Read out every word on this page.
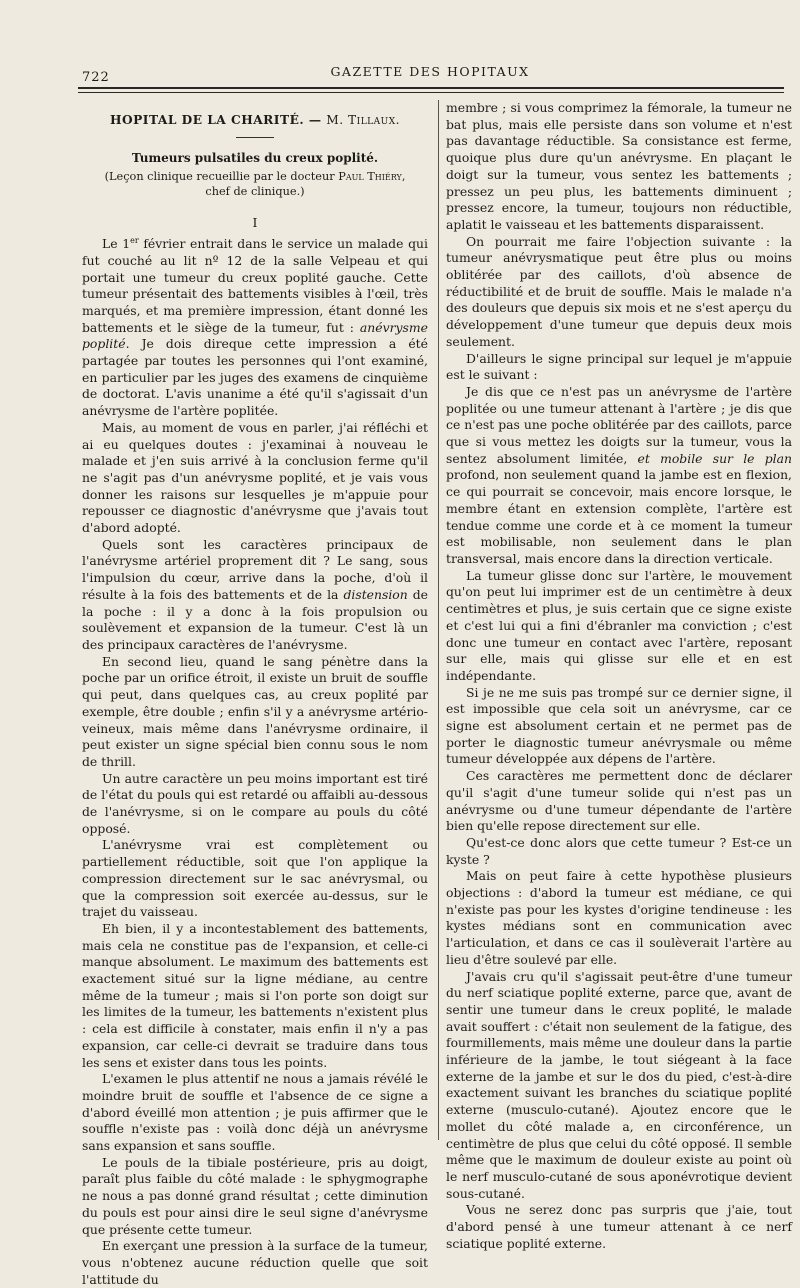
722	GAZETTE DES HOPITAUX
HOPITAL DE LA CHARITÉ. — M. Tillaux.
Tumeurs pulsatiles du creux poplité.
(Leçon clinique recueillie par le docteur Paul Thiéry, chef de clinique.)
I

Le 1er février entrait dans le service un malade qui fut couché au lit nº 12 de la salle Velpeau et qui portait une tumeur du creux poplité gauche. Cette tumeur présentait des battements visibles à l'œil, très marqués, et ma première impression, étant donné les battements et le siège de la tumeur, fut : anévrysme poplité. Je dois direque cette impression a été partagée par toutes les personnes qui l'ont examiné, en particulier par les juges des examens de cinquième de doctorat. L'avis unanime a été qu'il s'agissait d'un anévrysme de l'artère poplitée.

Mais, au moment de vous en parler, j'ai réfléchi et ai eu quelques doutes : j'examinai à nouveau le malade et j'en suis arrivé à la conclusion ferme qu'il ne s'agit pas d'un anévrysme poplité, et je vais vous donner les raisons sur lesquelles je m'appuie pour repousser ce diagnostic d'anévrysme que j'avais tout d'abord adopté.

Quels sont les caractères principaux de l'anévrysme artériel proprement dit ? Le sang, sous l'impulsion du cœur, arrive dans la poche, d'où il résulte à la fois des battements et de la distension de la poche : il y a donc à la fois propulsion ou soulèvement et expansion de la tumeur. C'est là un des principaux caractères de l'anévrysme.

En second lieu, quand le sang pénètre dans la poche par un orifice étroit, il existe un bruit de souffle qui peut, dans quelques cas, au creux poplité par exemple, être double ; enfin s'il y a anévrysme artério-veineux, mais même dans l'anévrysme ordinaire, il peut exister un signe spécial bien connu sous le nom de thrill.

Un autre caractère un peu moins important est tiré de l'état du pouls qui est retardé ou affaibli au-dessous de l'anévrysme, si on le compare au pouls du côté opposé.

L'anévrysme vrai est complètement ou partiellement réductible, soit que l'on applique la compression directement sur le sac anévrysmal, ou que la compression soit exercée au-dessus, sur le trajet du vaisseau.

Eh bien, il y a incontestablement des battements, mais cela ne constitue pas de l'expansion, et celle-ci manque absolument. Le maximum des battements est exactement situé sur la ligne médiane, au centre même de la tumeur ; mais si l'on porte son doigt sur les limites de la tumeur, les battements n'existent plus : cela est difficile à constater, mais enfin il n'y a pas expansion, car celle-ci devrait se traduire dans tous les sens et exister dans tous les points.

L'examen le plus attentif ne nous a jamais révélé le moindre bruit de souffle et l'absence de ce signe a d'abord éveillé mon attention ; je puis affirmer que le souffle n'existe pas : voilà donc déjà un anévrysme sans expansion et sans souffle.

Le pouls de la tibiale postérieure, pris au doigt, paraît plus faible du côté malade : le sphygmographe ne nous a pas donné grand résultat ; cette diminution du pouls est pour ainsi dire le seul signe d'anévrysme que présente cette tumeur.

En exerçant une pression à la surface de la tumeur, vous n'obtenez aucune réduction quelle que soit l'attitude du

membre ; si vous comprimez la fémorale, la tumeur ne bat plus, mais elle persiste dans son volume et n'est pas davantage réductible. Sa consistance est ferme, quoique plus dure qu'un anévrysme. En plaçant le doigt sur la tumeur, vous sentez les battements ; pressez un peu plus, les battements diminuent ; pressez encore, la tumeur, toujours non réductible, aplatit le vaisseau et les battements disparaissent.

On pourrait me faire l'objection suivante : la tumeur anévrysmatique peut être plus ou moins oblitérée par des caillots, d'où absence de réductibilité et de bruit de souffle. Mais le malade n'a des douleurs que depuis six mois et ne s'est aperçu du développement d'une tumeur que depuis deux mois seulement.

D'ailleurs le signe principal sur lequel je m'appuie est le suivant :

Je dis que ce n'est pas un anévrysme de l'artère poplitée ou une tumeur attenant à l'artère ; je dis que ce n'est pas une poche oblitérée par des caillots, parce que si vous mettez les doigts sur la tumeur, vous la sentez absolument limitée, et mobile sur le plan profond, non seulement quand la jambe est en flexion, ce qui pourrait se concevoir, mais encore lorsque, le membre étant en extension complète, l'artère est tendue comme une corde et à ce moment la tumeur est mobilisable, non seulement dans le plan transversal, mais encore dans la direction verticale.

La tumeur glisse donc sur l'artère, le mouvement qu'on peut lui imprimer est de un centimètre à deux centimètres et plus, je suis certain que ce signe existe et c'est lui qui a fini d'ébranler ma conviction ; c'est donc une tumeur en contact avec l'artère, reposant sur elle, mais qui glisse sur elle et en est indépendante.

Si je ne me suis pas trompé sur ce dernier signe, il est impossible que cela soit un anévrysme, car ce signe est absolument certain et ne permet pas de porter le diagnostic tumeur anévrysmale ou même tumeur développée aux dépens de l'artère.

Ces caractères me permettent donc de déclarer qu'il s'agit d'une tumeur solide qui n'est pas un anévrysme ou d'une tumeur dépendante de l'artère bien qu'elle repose directement sur elle.

Qu'est-ce donc alors que cette tumeur ? Est-ce un kyste ?

Mais on peut faire à cette hypothèse plusieurs objections : d'abord la tumeur est médiane, ce qui n'existe pas pour les kystes d'origine tendineuse : les kystes médians sont en communication avec l'articulation, et dans ce cas il soulèverait l'artère au lieu d'être soulevé par elle.

J'avais cru qu'il s'agissait peut-être d'une tumeur du nerf sciatique poplité externe, parce que, avant de sentir une tumeur dans le creux poplité, le malade avait souffert : c'était non seulement de la fatigue, des fourmillements, mais même une douleur dans la partie inférieure de la jambe, le tout siégeant à la face externe de la jambe et sur le dos du pied, c'est-à-dire exactement suivant les branches du sciatique poplité externe (musculo-cutané). Ajoutez encore que le mollet du côté malade a, en circonférence, un centimètre de plus que celui du côté opposé. Il semble même que le maximum de douleur existe au point où le nerf musculo-cutané de sous aponévrotique devient sous-cutané.

Vous ne serez donc pas surpris que j'aie, tout d'abord pensé à une tumeur attenant à ce nerf sciatique poplité externe.
